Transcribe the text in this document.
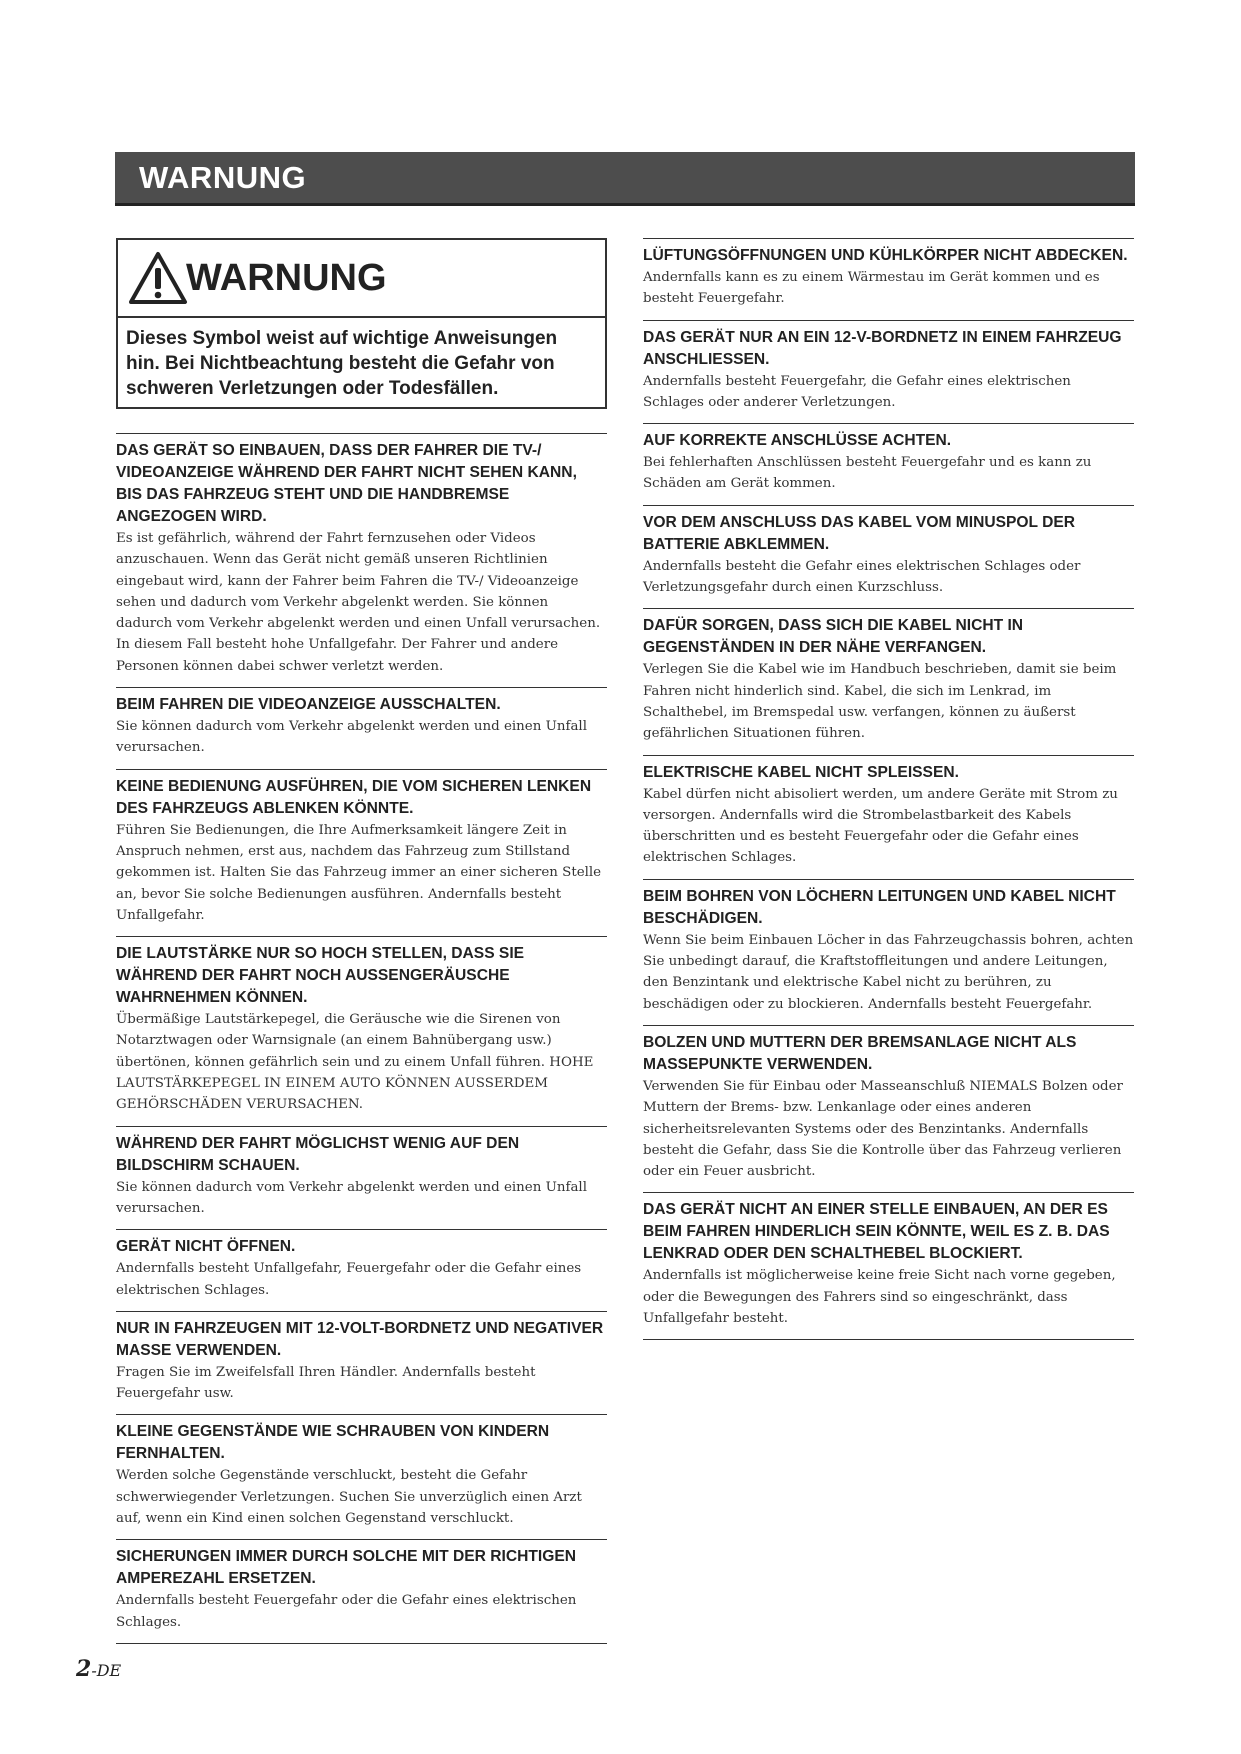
WARNUNG
WARNUNG
Dieses Symbol weist auf wichtige Anweisungen hin. Bei Nichtbeachtung besteht die Gefahr von schweren Verletzungen oder Todesfällen.

DAS GERÄT SO EINBAUEN, DASS DER FAHRER DIE TV-/ VIDEOANZEIGE WÄHREND DER FAHRT NICHT SEHEN KANN, BIS DAS FAHRZEUG STEHT UND DIE HANDBREMSE ANGEZOGEN WIRD.

Es ist gefährlich, während der Fahrt fernzusehen oder Videos anzuschauen. Wenn das Gerät nicht gemäß unseren Richtlinien eingebaut wird, kann der Fahrer beim Fahren die TV-/ Videoanzeige sehen und dadurch vom Verkehr abgelenkt werden. Sie können dadurch vom Verkehr abgelenkt werden und einen Unfall verursachen. In diesem Fall besteht hohe Unfallgefahr. Der Fahrer und andere Personen können dabei schwer verletzt werden.

BEIM FAHREN DIE VIDEOANZEIGE AUSSCHALTEN.

Sie können dadurch vom Verkehr abgelenkt werden und einen Unfall verursachen.

KEINE BEDIENUNG AUSFÜHREN, DIE VOM SICHEREN LENKEN DES FAHRZEUGS ABLENKEN KÖNNTE.

Führen Sie Bedienungen, die Ihre Aufmerksamkeit längere Zeit in Anspruch nehmen, erst aus, nachdem das Fahrzeug zum Stillstand gekommen ist. Halten Sie das Fahrzeug immer an einer sicheren Stelle an, bevor Sie solche Bedienungen ausführen. Andernfalls besteht Unfallgefahr.

DIE LAUTSTÄRKE NUR SO HOCH STELLEN, DASS SIE WÄHREND DER FAHRT NOCH AUSSENGERÄUSCHE WAHRNEHMEN KÖNNEN.

Übermäßige Lautstärkepegel, die Geräusche wie die Sirenen von Notarztwagen oder Warnsignale (an einem Bahnübergang usw.) übertönen, können gefährlich sein und zu einem Unfall führen. HOHE LAUTSTÄRKEPEGEL IN EINEM AUTO KÖNNEN AUSSERDEM GEHÖRSCHÄDEN VERURSACHEN.

WÄHREND DER FAHRT MÖGLICHST WENIG AUF DEN BILDSCHIRM SCHAUEN.

Sie können dadurch vom Verkehr abgelenkt werden und einen Unfall verursachen.

GERÄT NICHT ÖFFNEN.

Andernfalls besteht Unfallgefahr, Feuergefahr oder die Gefahr eines elektrischen Schlages.

NUR IN FAHRZEUGEN MIT 12-VOLT-BORDNETZ UND NEGATIVER MASSE VERWENDEN.

Fragen Sie im Zweifelsfall Ihren Händler. Andernfalls besteht Feuergefahr usw.

KLEINE GEGENSTÄNDE WIE SCHRAUBEN VON KINDERN FERNHALTEN.

Werden solche Gegenstände verschluckt, besteht die Gefahr schwerwiegender Verletzungen. Suchen Sie unverzüglich einen Arzt auf, wenn ein Kind einen solchen Gegenstand verschluckt.

SICHERUNGEN IMMER DURCH SOLCHE MIT DER RICHTIGEN AMPEREZAHL ERSETZEN.

Andernfalls besteht Feuergefahr oder die Gefahr eines elektrischen Schlages.

LÜFTUNGSÖFFNUNGEN UND KÜHLKÖRPER NICHT ABDECKEN.

Andernfalls kann es zu einem Wärmestau im Gerät kommen und es besteht Feuergefahr.

DAS GERÄT NUR AN EIN 12-V-BORDNETZ IN EINEM FAHRZEUG ANSCHLIESSEN.

Andernfalls besteht Feuergefahr, die Gefahr eines elektrischen Schlages oder anderer Verletzungen.

AUF KORREKTE ANSCHLÜSSE ACHTEN.

Bei fehlerhaften Anschlüssen besteht Feuergefahr und es kann zu Schäden am Gerät kommen.

VOR DEM ANSCHLUSS DAS KABEL VOM MINUSPOL DER BATTERIE ABKLEMMEN.

Andernfalls besteht die Gefahr eines elektrischen Schlages oder Verletzungsgefahr durch einen Kurzschluss.

DAFÜR SORGEN, DASS SICH DIE KABEL NICHT IN GEGENSTÄNDEN IN DER NÄHE VERFANGEN.

Verlegen Sie die Kabel wie im Handbuch beschrieben, damit sie beim Fahren nicht hinderlich sind. Kabel, die sich im Lenkrad, im Schalthebel, im Bremspedal usw. verfangen, können zu äußerst gefährlichen Situationen führen.

ELEKTRISCHE KABEL NICHT SPLEISSEN.

Kabel dürfen nicht abisoliert werden, um andere Geräte mit Strom zu versorgen. Andernfalls wird die Strombelastbarkeit des Kabels überschritten und es besteht Feuergefahr oder die Gefahr eines elektrischen Schlages.

BEIM BOHREN VON LÖCHERN LEITUNGEN UND KABEL NICHT BESCHÄDIGEN.

Wenn Sie beim Einbauen Löcher in das Fahrzeugchassis bohren, achten Sie unbedingt darauf, die Kraftstoffleitungen und andere Leitungen, den Benzintank und elektrische Kabel nicht zu berühren, zu beschädigen oder zu blockieren. Andernfalls besteht Feuergefahr.

BOLZEN UND MUTTERN DER BREMSANLAGE NICHT ALS MASSEPUNKTE VERWENDEN.

Verwenden Sie für Einbau oder Masseanschluß NIEMALS Bolzen oder Muttern der Brems- bzw. Lenkanlage oder eines anderen sicherheitsrelevanten Systems oder des Benzintanks. Andernfalls besteht die Gefahr, dass Sie die Kontrolle über das Fahrzeug verlieren oder ein Feuer ausbricht.

DAS GERÄT NICHT AN EINER STELLE EINBAUEN, AN DER ES BEIM FAHREN HINDERLICH SEIN KÖNNTE, WEIL ES Z. B. DAS LENKRAD ODER DEN SCHALTHEBEL BLOCKIERT.

Andernfalls ist möglicherweise keine freie Sicht nach vorne gegeben, oder die Bewegungen des Fahrers sind so eingeschränkt, dass Unfallgefahr besteht.

2-DE
